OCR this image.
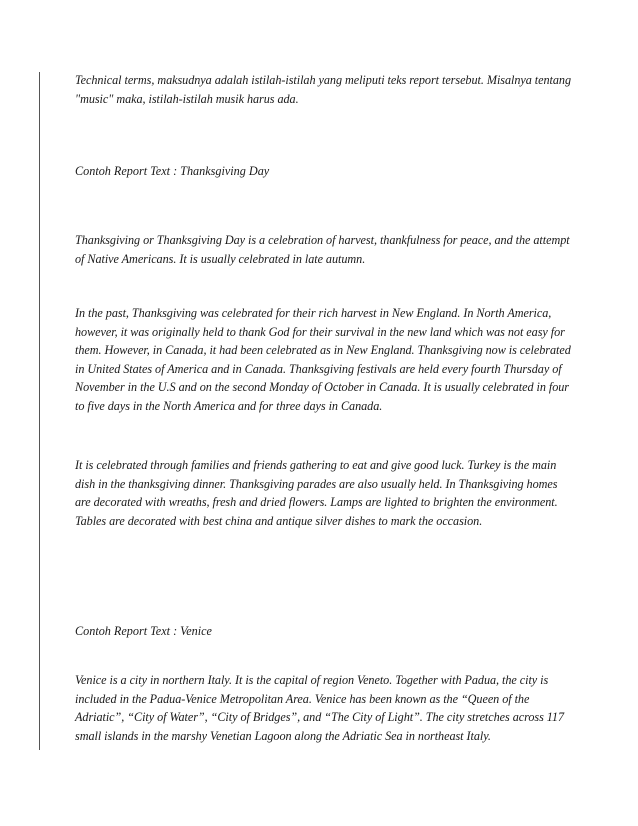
Technical terms, maksudnya adalah istilah-istilah yang meliputi teks report tersebut. Misalnya tentang "music" maka, istilah-istilah musik harus ada.

Contoh Report Text : Thanksgiving Day

Thanksgiving or Thanksgiving Day is a celebration of harvest, thankfulness for peace, and the attempt of Native Americans. It is usually celebrated in late autumn.

In the past, Thanksgiving was celebrated for their rich harvest in New England. In North America, however, it was originally held to thank God for their survival in the new land which was not easy for them. However, in Canada, it had been celebrated as in New England. Thanksgiving now is celebrated in United States of America and in Canada. Thanksgiving festivals are held every fourth Thursday of November in the U.S and on the second Monday of October in Canada. It is usually celebrated in four to five days in the North America and for three days in Canada.

It is celebrated through families and friends gathering to eat and give good luck. Turkey is the main dish in the thanksgiving dinner. Thanksgiving parades are also usually held. In Thanksgiving homes are decorated with wreaths, fresh and dried flowers. Lamps are lighted to brighten the environment. Tables are decorated with best china and antique silver dishes to mark the occasion.

Contoh Report Text : Venice

Venice is a city in northern Italy. It is the capital of region Veneto. Together with Padua, the city is included in the Padua-Venice Metropolitan Area. Venice has been known as the “Queen of the Adriatic”, “City of Water”, “City of Bridges”, and “The City of Light”. The city stretches across 117 small islands in the marshy Venetian Lagoon along the Adriatic Sea in northeast Italy.
